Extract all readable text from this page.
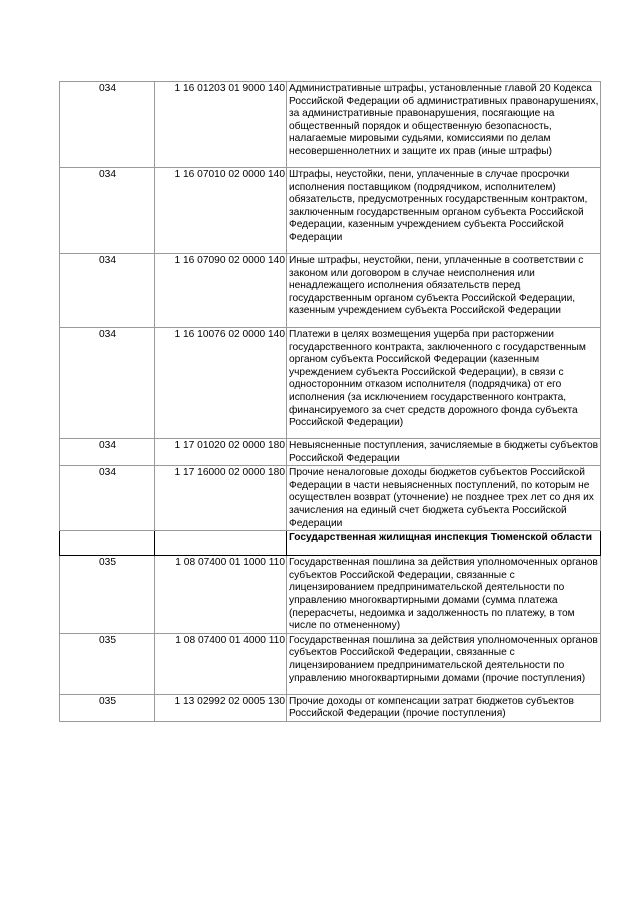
034	1 16 01203 01 9000 140	Административные штрафы, установленные главой 20 Кодекса Российской Федерации об административных правонарушениях, за административные правонарушения, посягающие на общественный порядок и общественную безопасность, налагаемые мировыми судьями, комиссиями по делам несовершеннолетних и защите их прав (иные штрафы)
034	1 16 07010 02 0000 140	Штрафы, неустойки, пени, уплаченные в случае просрочки исполнения поставщиком (подрядчиком, исполнителем) обязательств, предусмотренных государственным контрактом, заключенным государственным органом субъекта Российской Федерации, казенным учреждением субъекта Российской Федерации
034	1 16 07090 02 0000 140	Иные штрафы, неустойки, пени, уплаченные в соответствии с законом или договором в случае неисполнения или ненадлежащего исполнения обязательств перед государственным органом субъекта Российской Федерации, казенным учреждением субъекта Российской Федерации
034	1 16 10076 02 0000 140	Платежи в целях возмещения ущерба при расторжении государственного контракта, заключенного с государственным органом субъекта Российской Федерации (казенным учреждением субъекта Российской Федерации), в связи с односторонним отказом исполнителя (подрядчика) от его исполнения (за исключением государственного контракта, финансируемого за счет средств дорожного фонда субъекта Российской Федерации)
034	1 17 01020 02 0000 180	Невыясненные поступления, зачисляемые в бюджеты субъектов Российской Федерации
034	1 17 16000 02 0000 180	Прочие неналоговые доходы бюджетов субъектов Российской Федерации в части невыясненных поступлений, по которым не осуществлен возврат (уточнение) не позднее трех лет со дня их зачисления на единый счет бюджета субъекта Российской Федерации
		Государственная жилищная инспекция Тюменской области
035	1 08 07400 01 1000 110	Государственная пошлина за действия уполномоченных органов субъектов Российской Федерации, связанные с лицензированием предпринимательской деятельности по управлению многоквартирными домами (сумма платежа (перерасчеты, недоимка и задолженность по платежу, в том числе по отмененному)
035	1 08 07400 01 4000 110	Государственная пошлина за действия уполномоченных органов субъектов Российской Федерации, связанные с лицензированием предпринимательской деятельности по управлению многоквартирными домами (прочие поступления)
035	1 13 02992 02 0005 130	Прочие доходы от компенсации затрат бюджетов субъектов Российской Федерации (прочие поступления)
